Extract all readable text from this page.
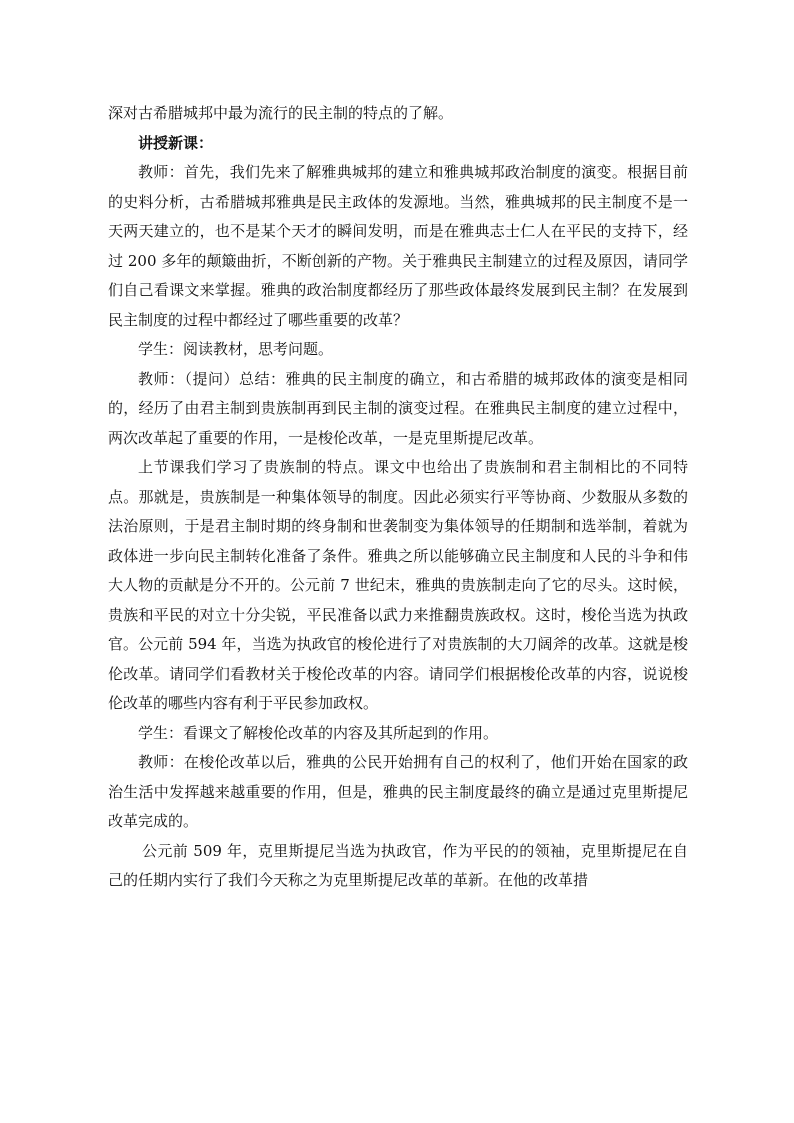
深对古希腊城邦中最为流行的民主制的特点的了解。

讲授新课：

教师：首先，我们先来了解雅典城邦的建立和雅典城邦政治制度的演变。根据目前的史料分析，古希腊城邦雅典是民主政体的发源地。当然，雅典城邦的民主制度不是一天两天建立的，也不是某个天才的瞬间发明，而是在雅典志士仁人在平民的支持下，经过 200 多年的颠簸曲折，不断创新的产物。关于雅典民主制建立的过程及原因，请同学们自己看课文来掌握。雅典的政治制度都经历了那些政体最终发展到民主制？在发展到民主制度的过程中都经过了哪些重要的改革？

学生：阅读教材，思考问题。

教师：（提问）总结：雅典的民主制度的确立，和古希腊的城邦政体的演变是相同的，经历了由君主制到贵族制再到民主制的演变过程。在雅典民主制度的建立过程中，两次改革起了重要的作用，一是梭伦改革，一是克里斯提尼改革。

上节课我们学习了贵族制的特点。课文中也给出了贵族制和君主制相比的不同特点。那就是，贵族制是一种集体领导的制度。因此必须实行平等协商、少数服从多数的法治原则，于是君主制时期的终身制和世袭制变为集体领导的任期制和选举制，着就为政体进一步向民主制转化准备了条件。雅典之所以能够确立民主制度和人民的斗争和伟大人物的贡献是分不开的。公元前 7 世纪末，雅典的贵族制走向了它的尽头。这时候，贵族和平民的对立十分尖锐，平民准备以武力来推翻贵族政权。这时，梭伦当选为执政官。公元前 594 年，当选为执政官的梭伦进行了对贵族制的大刀阔斧的改革。这就是梭伦改革。请同学们看教材关于梭伦改革的内容。请同学们根据梭伦改革的内容，说说梭伦改革的哪些内容有利于平民参加政权。

学生：看课文了解梭伦改革的内容及其所起到的作用。

教师：在梭伦改革以后，雅典的公民开始拥有自己的权利了，他们开始在国家的政治生活中发挥越来越重要的作用，但是，雅典的民主制度最终的确立是通过克里斯提尼改革完成的。

公元前 509 年，克里斯提尼当选为执政官，作为平民的的领袖，克里斯提尼在自己的任期内实行了我们今天称之为克里斯提尼改革的革新。在他的改革措
